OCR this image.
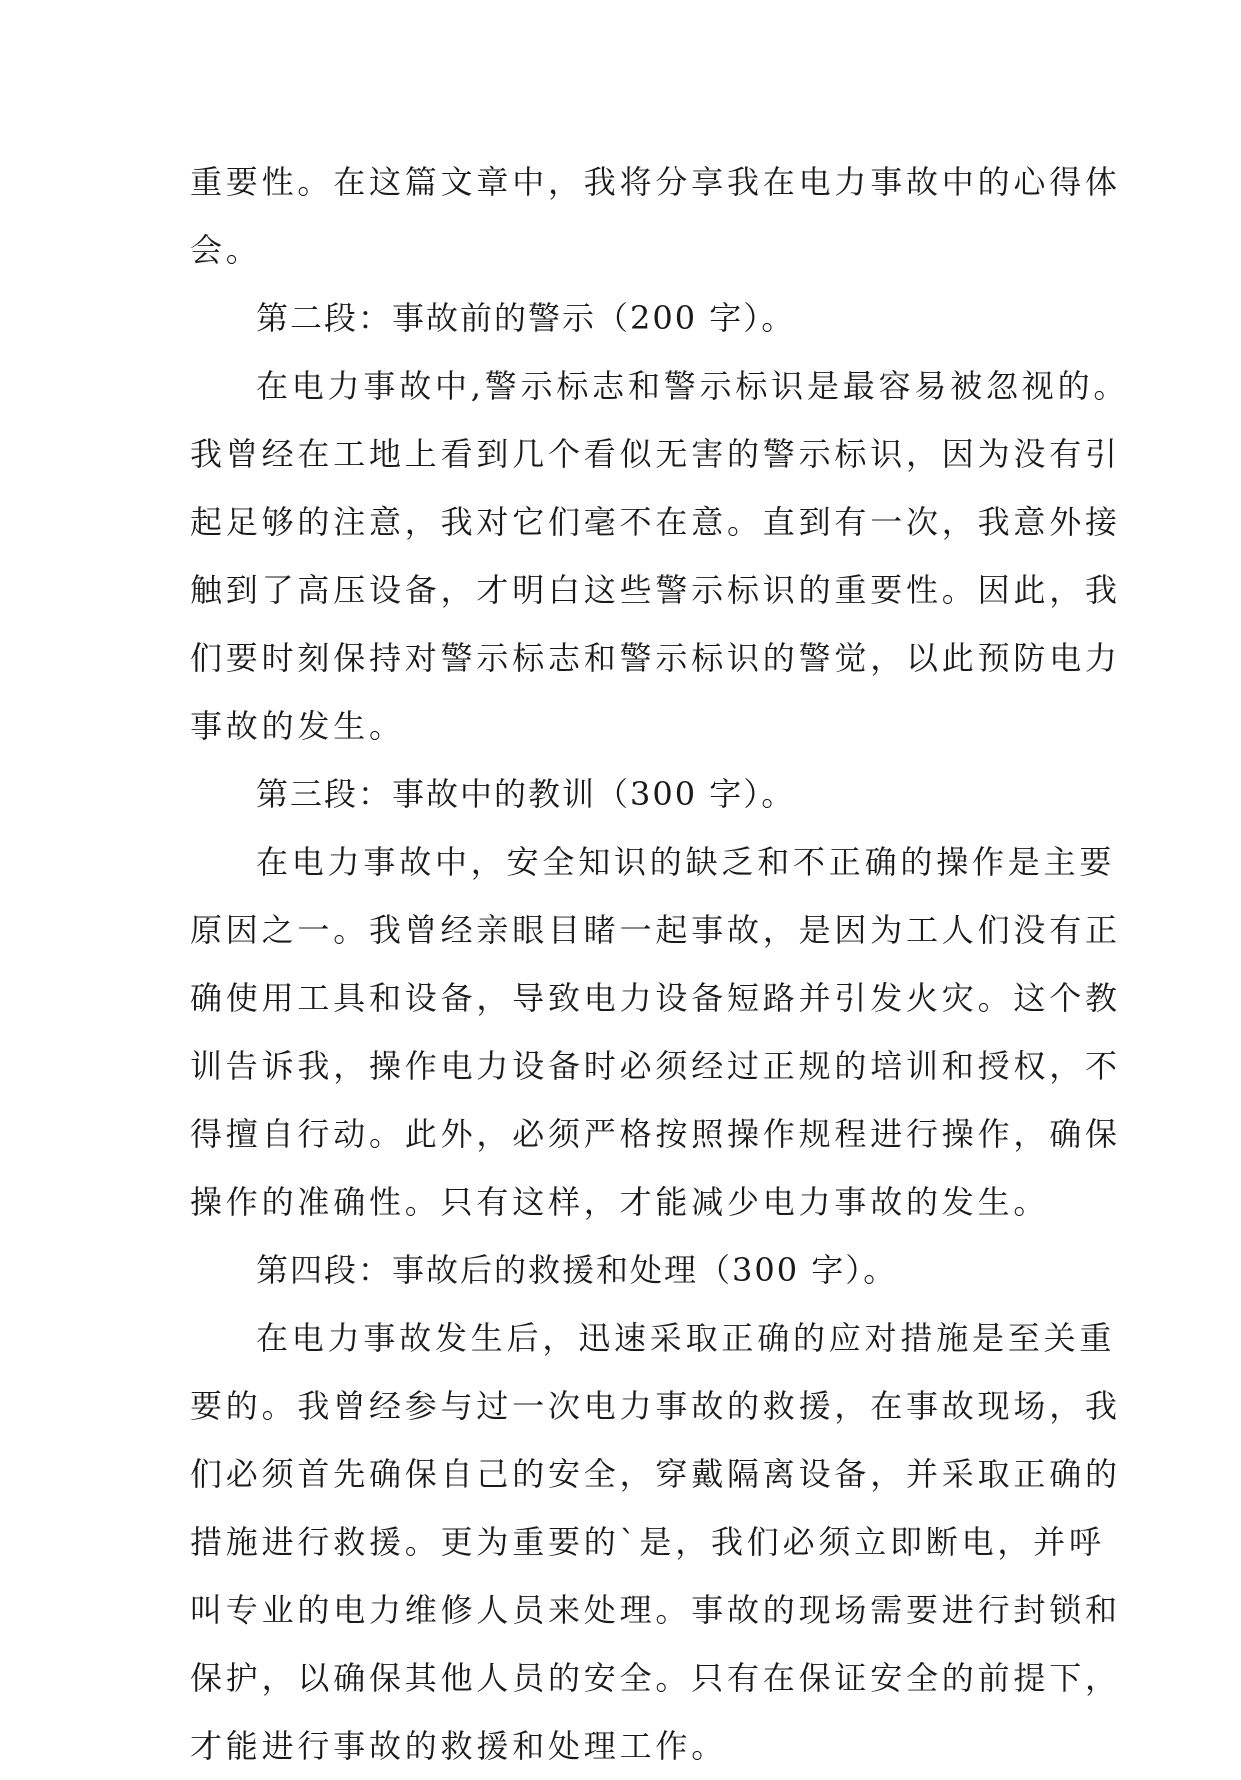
重要性。在这篇文章中，我将分享我在电力事故中的心得体
会。
第二段：事故前的警示（200 字）。
在电力事故中,警示标志和警示标识是最容易被忽视的。
我曾经在工地上看到几个看似无害的警示标识，因为没有引
起足够的注意，我对它们毫不在意。直到有一次，我意外接
触到了高压设备，才明白这些警示标识的重要性。因此，我
们要时刻保持对警示标志和警示标识的警觉，以此预防电力
事故的发生。
第三段：事故中的教训（300 字）。
在电力事故中，安全知识的缺乏和不正确的操作是主要
原因之一。我曾经亲眼目睹一起事故，是因为工人们没有正
确使用工具和设备，导致电力设备短路并引发火灾。这个教
训告诉我，操作电力设备时必须经过正规的培训和授权，不
得擅自行动。此外，必须严格按照操作规程进行操作，确保
操作的准确性。只有这样，才能减少电力事故的发生。
第四段：事故后的救援和处理（300 字）。
在电力事故发生后，迅速采取正确的应对措施是至关重
要的。我曾经参与过一次电力事故的救援，在事故现场，我
们必须首先确保自己的安全，穿戴隔离设备，并采取正确的
措施进行救援。更为重要的`是，我们必须立即断电，并呼
叫专业的电力维修人员来处理。事故的现场需要进行封锁和
保护，以确保其他人员的安全。只有在保证安全的前提下，
才能进行事故的救援和处理工作。
